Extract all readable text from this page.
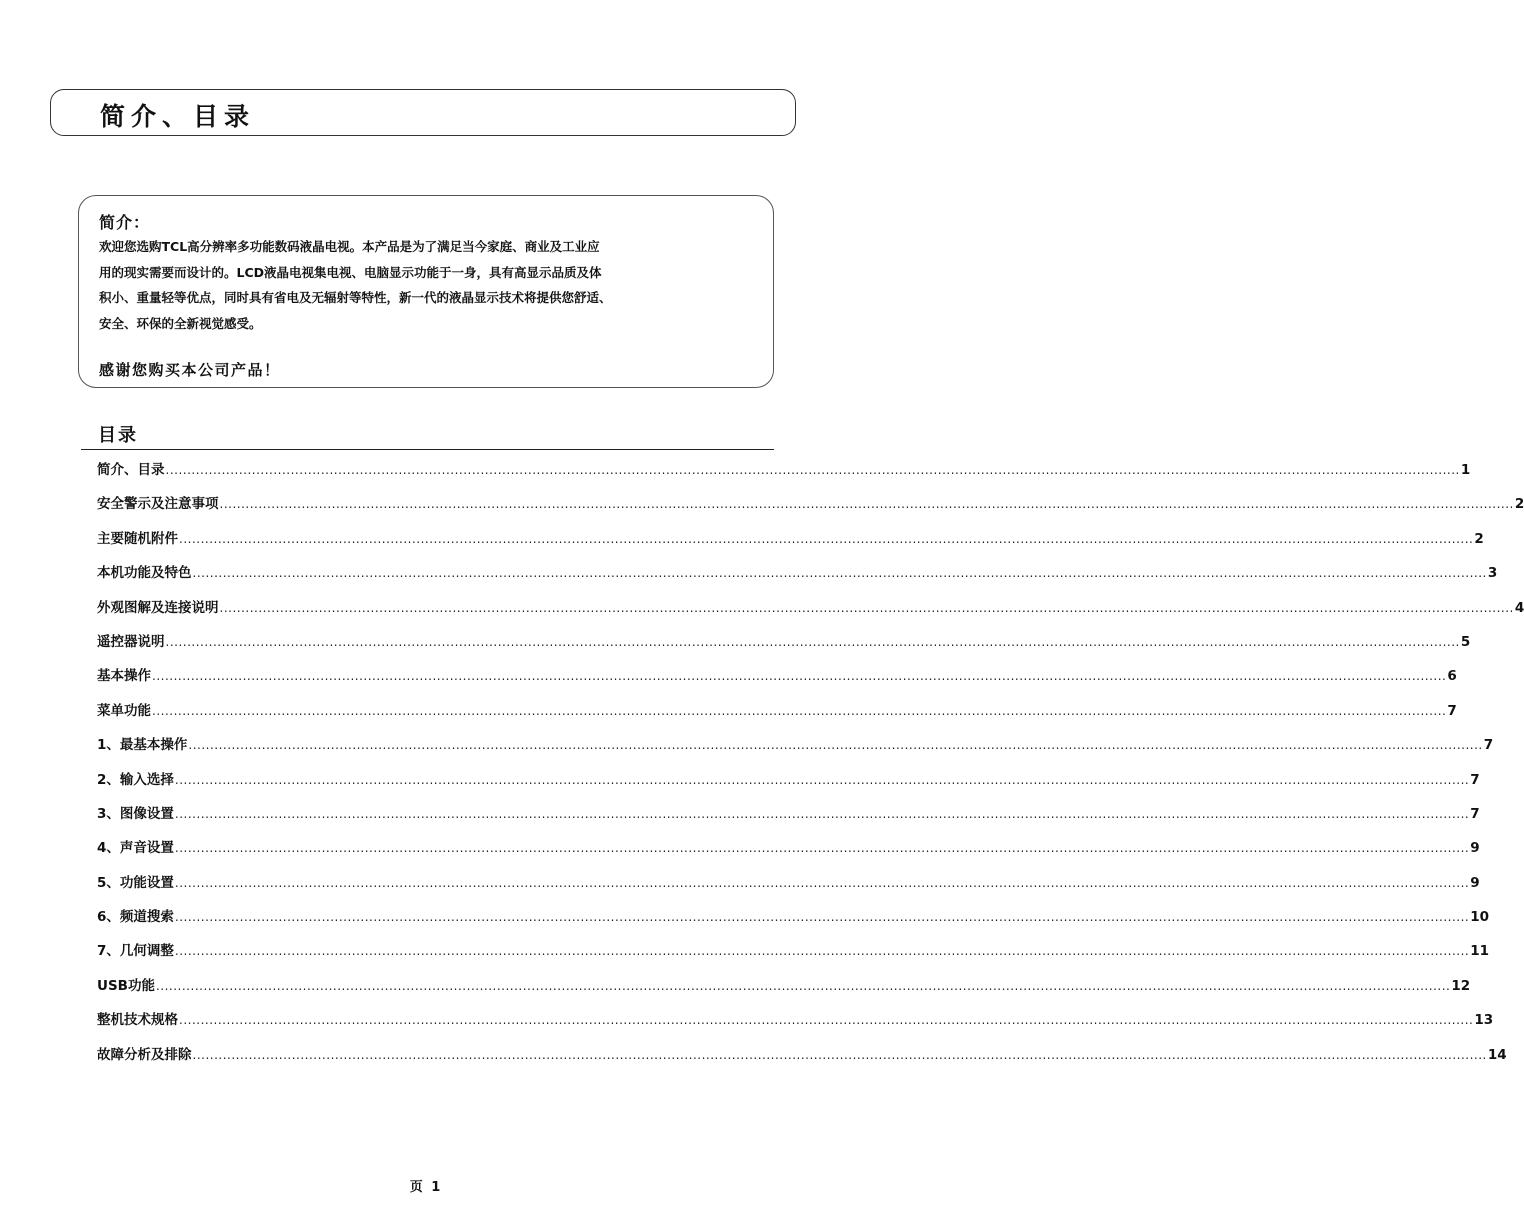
简介、目录
简介：
欢迎您选购TCL高分辨率多功能数码液晶电视。本产品是为了满足当今家庭、商业及工业应
用的现实需要而设计的。LCD液晶电视集电视、电脑显示功能于一身，具有高显示品质及体
积小、重量轻等优点，同时具有省电及无辐射等特性，新一代的液晶显示技术将提供您舒适、
安全、环保的全新视觉感受。
感谢您购买本公司产品！
目录
简介、目录 ............................................................................................................................................................................................................................................................................................................ 1
安全警示及注意事项 ............................................................................................................................................................................................................................................................................................................ 2
主要随机附件 ............................................................................................................................................................................................................................................................................................................ 2
本机功能及特色 ............................................................................................................................................................................................................................................................................................................ 3
外观图解及连接说明 ............................................................................................................................................................................................................................................................................................................ 4
遥控器说明 ............................................................................................................................................................................................................................................................................................................ 5
基本操作 ............................................................................................................................................................................................................................................................................................................ 6
菜单功能 ............................................................................................................................................................................................................................................................................................................ 7
1、最基本操作 ............................................................................................................................................................................................................................................................................................................ 7
2、输入选择 ............................................................................................................................................................................................................................................................................................................ 7
3、图像设置 ............................................................................................................................................................................................................................................................................................................ 7
4、声音设置 ............................................................................................................................................................................................................................................................................................................ 9
5、功能设置 ............................................................................................................................................................................................................................................................................................................ 9
6、频道搜索 ............................................................................................................................................................................................................................................................................................................ 10
7、几何调整 ............................................................................................................................................................................................................................................................................................................ 11
USB功能 ............................................................................................................................................................................................................................................................................................................ 12
整机技术规格 ............................................................................................................................................................................................................................................................................................................ 13
故障分析及排除 ............................................................................................................................................................................................................................................................................................................ 14
页 1
